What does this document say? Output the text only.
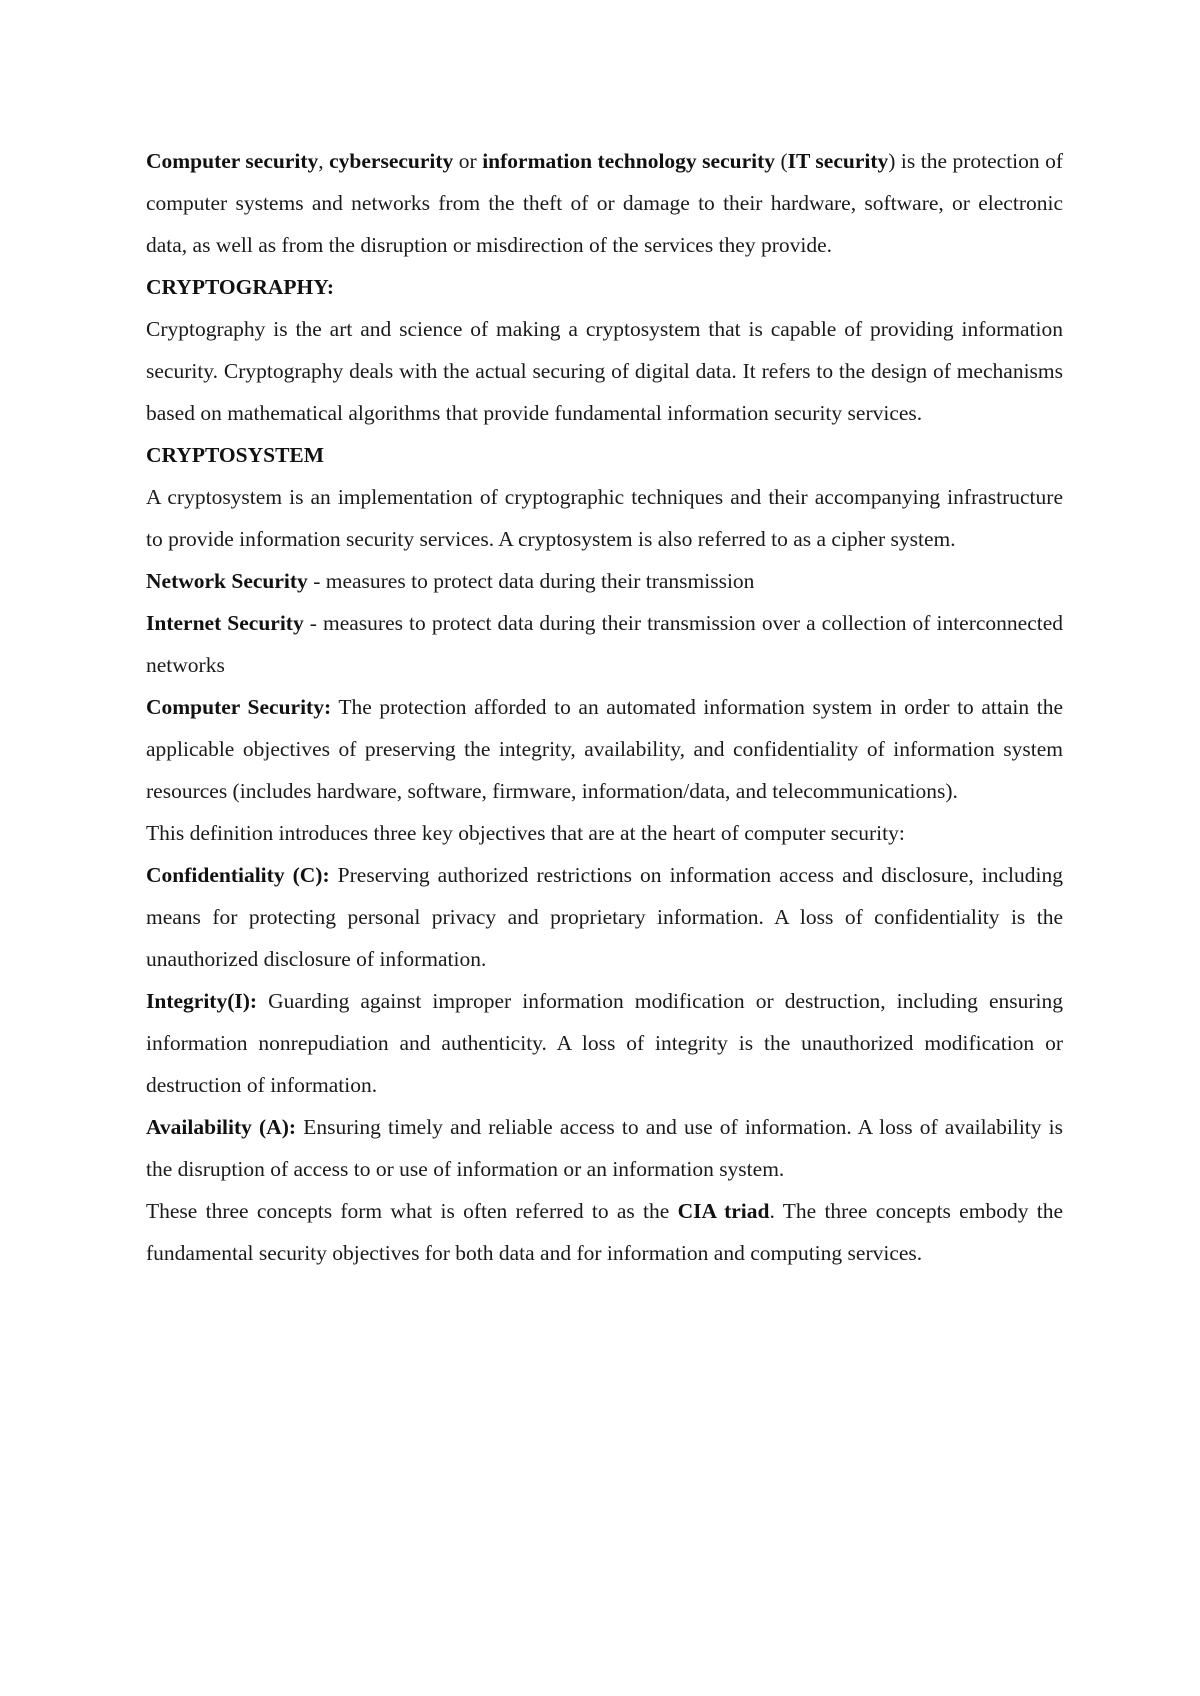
Computer security, cybersecurity or information technology security (IT security) is the protection of computer systems and networks from the theft of or damage to their hardware, software, or electronic data, as well as from the disruption or misdirection of the services they provide.

CRYPTOGRAPHY:

Cryptography is the art and science of making a cryptosystem that is capable of providing information security. Cryptography deals with the actual securing of digital data. It refers to the design of mechanisms based on mathematical algorithms that provide fundamental information security services.

CRYPTOSYSTEM

A cryptosystem is an implementation of cryptographic techniques and their accompanying infrastructure to provide information security services. A cryptosystem is also referred to as a cipher system.

Network Security - measures to protect data during their transmission

Internet Security - measures to protect data during their transmission over a collection of interconnected networks

Computer Security: The protection afforded to an automated information system in order to attain the applicable objectives of preserving the integrity, availability, and confidentiality of information system resources (includes hardware, software, firmware, information/data, and telecommunications).

This definition introduces three key objectives that are at the heart of computer security:

Confidentiality (C): Preserving authorized restrictions on information access and disclosure, including means for protecting personal privacy and proprietary information. A loss of confidentiality is the unauthorized disclosure of information.

Integrity(I): Guarding against improper information modification or destruction, including ensuring information nonrepudiation and authenticity. A loss of integrity is the unauthorized modification or destruction of information.

Availability (A): Ensuring timely and reliable access to and use of information. A loss of availability is the disruption of access to or use of information or an information system.

These three concepts form what is often referred to as the CIA triad. The three concepts embody the fundamental security objectives for both data and for information and computing services.
